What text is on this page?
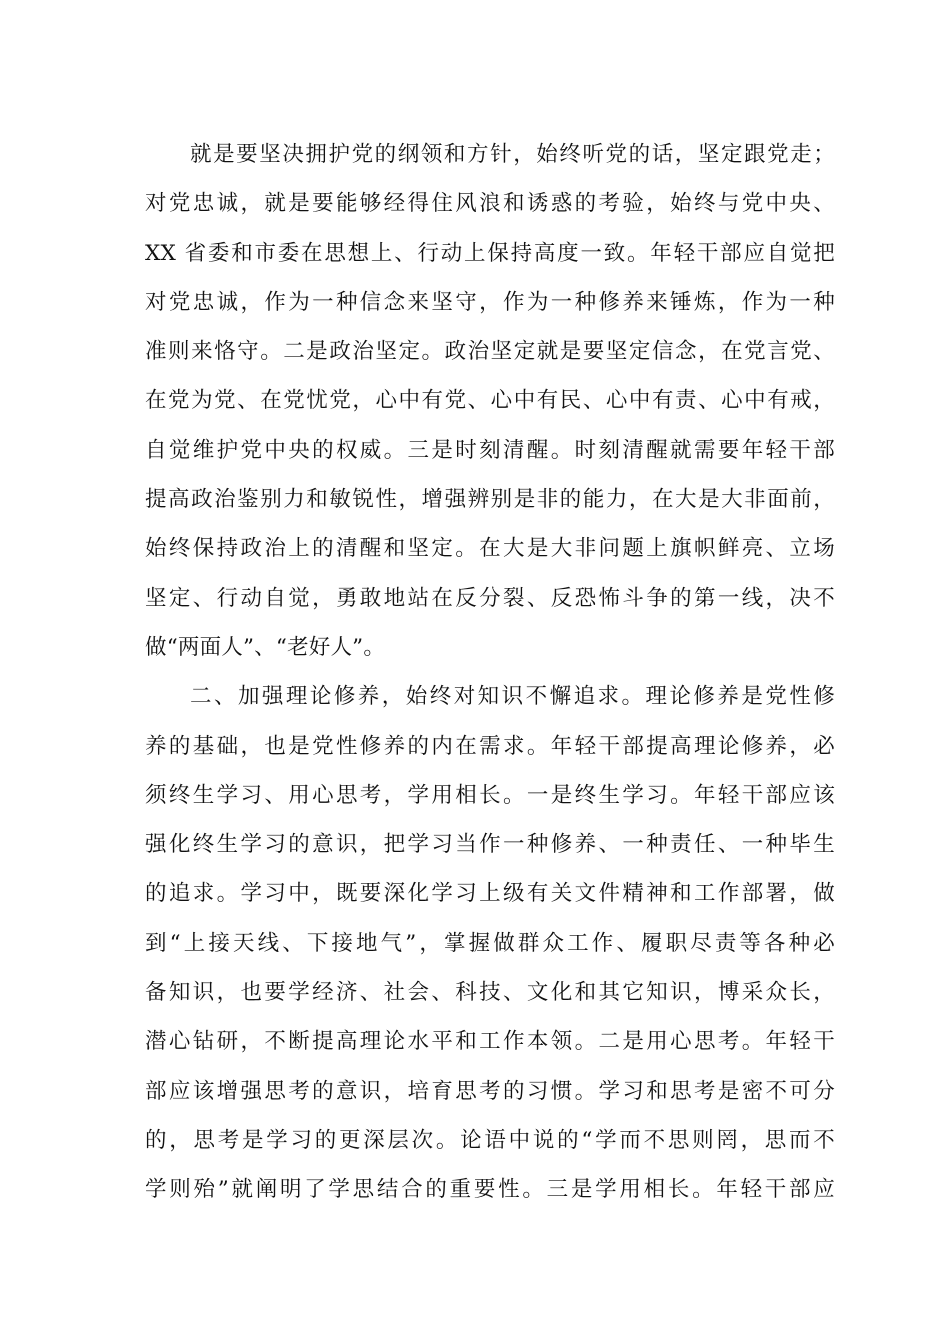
就是要坚决拥护党的纲领和方针，始终听党的话，坚定跟党走；
对党忠诚，就是要能够经得住风浪和诱惑的考验，始终与党中央、
XX 省委和市委在思想上、行动上保持高度一致。年轻干部应自觉把
对党忠诚，作为一种信念来坚守，作为一种修养来锤炼，作为一种
准则来恪守。二是政治坚定。政治坚定就是要坚定信念，在党言党、
在党为党、在党忧党，心中有党、心中有民、心中有责、心中有戒，
自觉维护党中央的权威。三是时刻清醒。时刻清醒就需要年轻干部
提高政治鉴别力和敏锐性，增强辨别是非的能力，在大是大非面前，
始终保持政治上的清醒和坚定。在大是大非问题上旗帜鲜亮、立场
坚定、行动自觉，勇敢地站在反分裂、反恐怖斗争的第一线，决不
做“两面人”、“老好人”。
二、加强理论修养，始终对知识不懈追求。理论修养是党性修
养的基础，也是党性修养的内在需求。年轻干部提高理论修养，必
须终生学习、用心思考，学用相长。一是终生学习。年轻干部应该
强化终生学习的意识，把学习当作一种修养、一种责任、一种毕生
的追求。学习中，既要深化学习上级有关文件精神和工作部署，做
到“上接天线、下接地气”，掌握做群众工作、履职尽责等各种必
备知识，也要学经济、社会、科技、文化和其它知识，博采众长，
潜心钻研，不断提高理论水平和工作本领。二是用心思考。年轻干
部应该增强思考的意识，培育思考的习惯。学习和思考是密不可分
的，思考是学习的更深层次。论语中说的“学而不思则罔，思而不
学则殆”就阐明了学思结合的重要性。三是学用相长。年轻干部应
